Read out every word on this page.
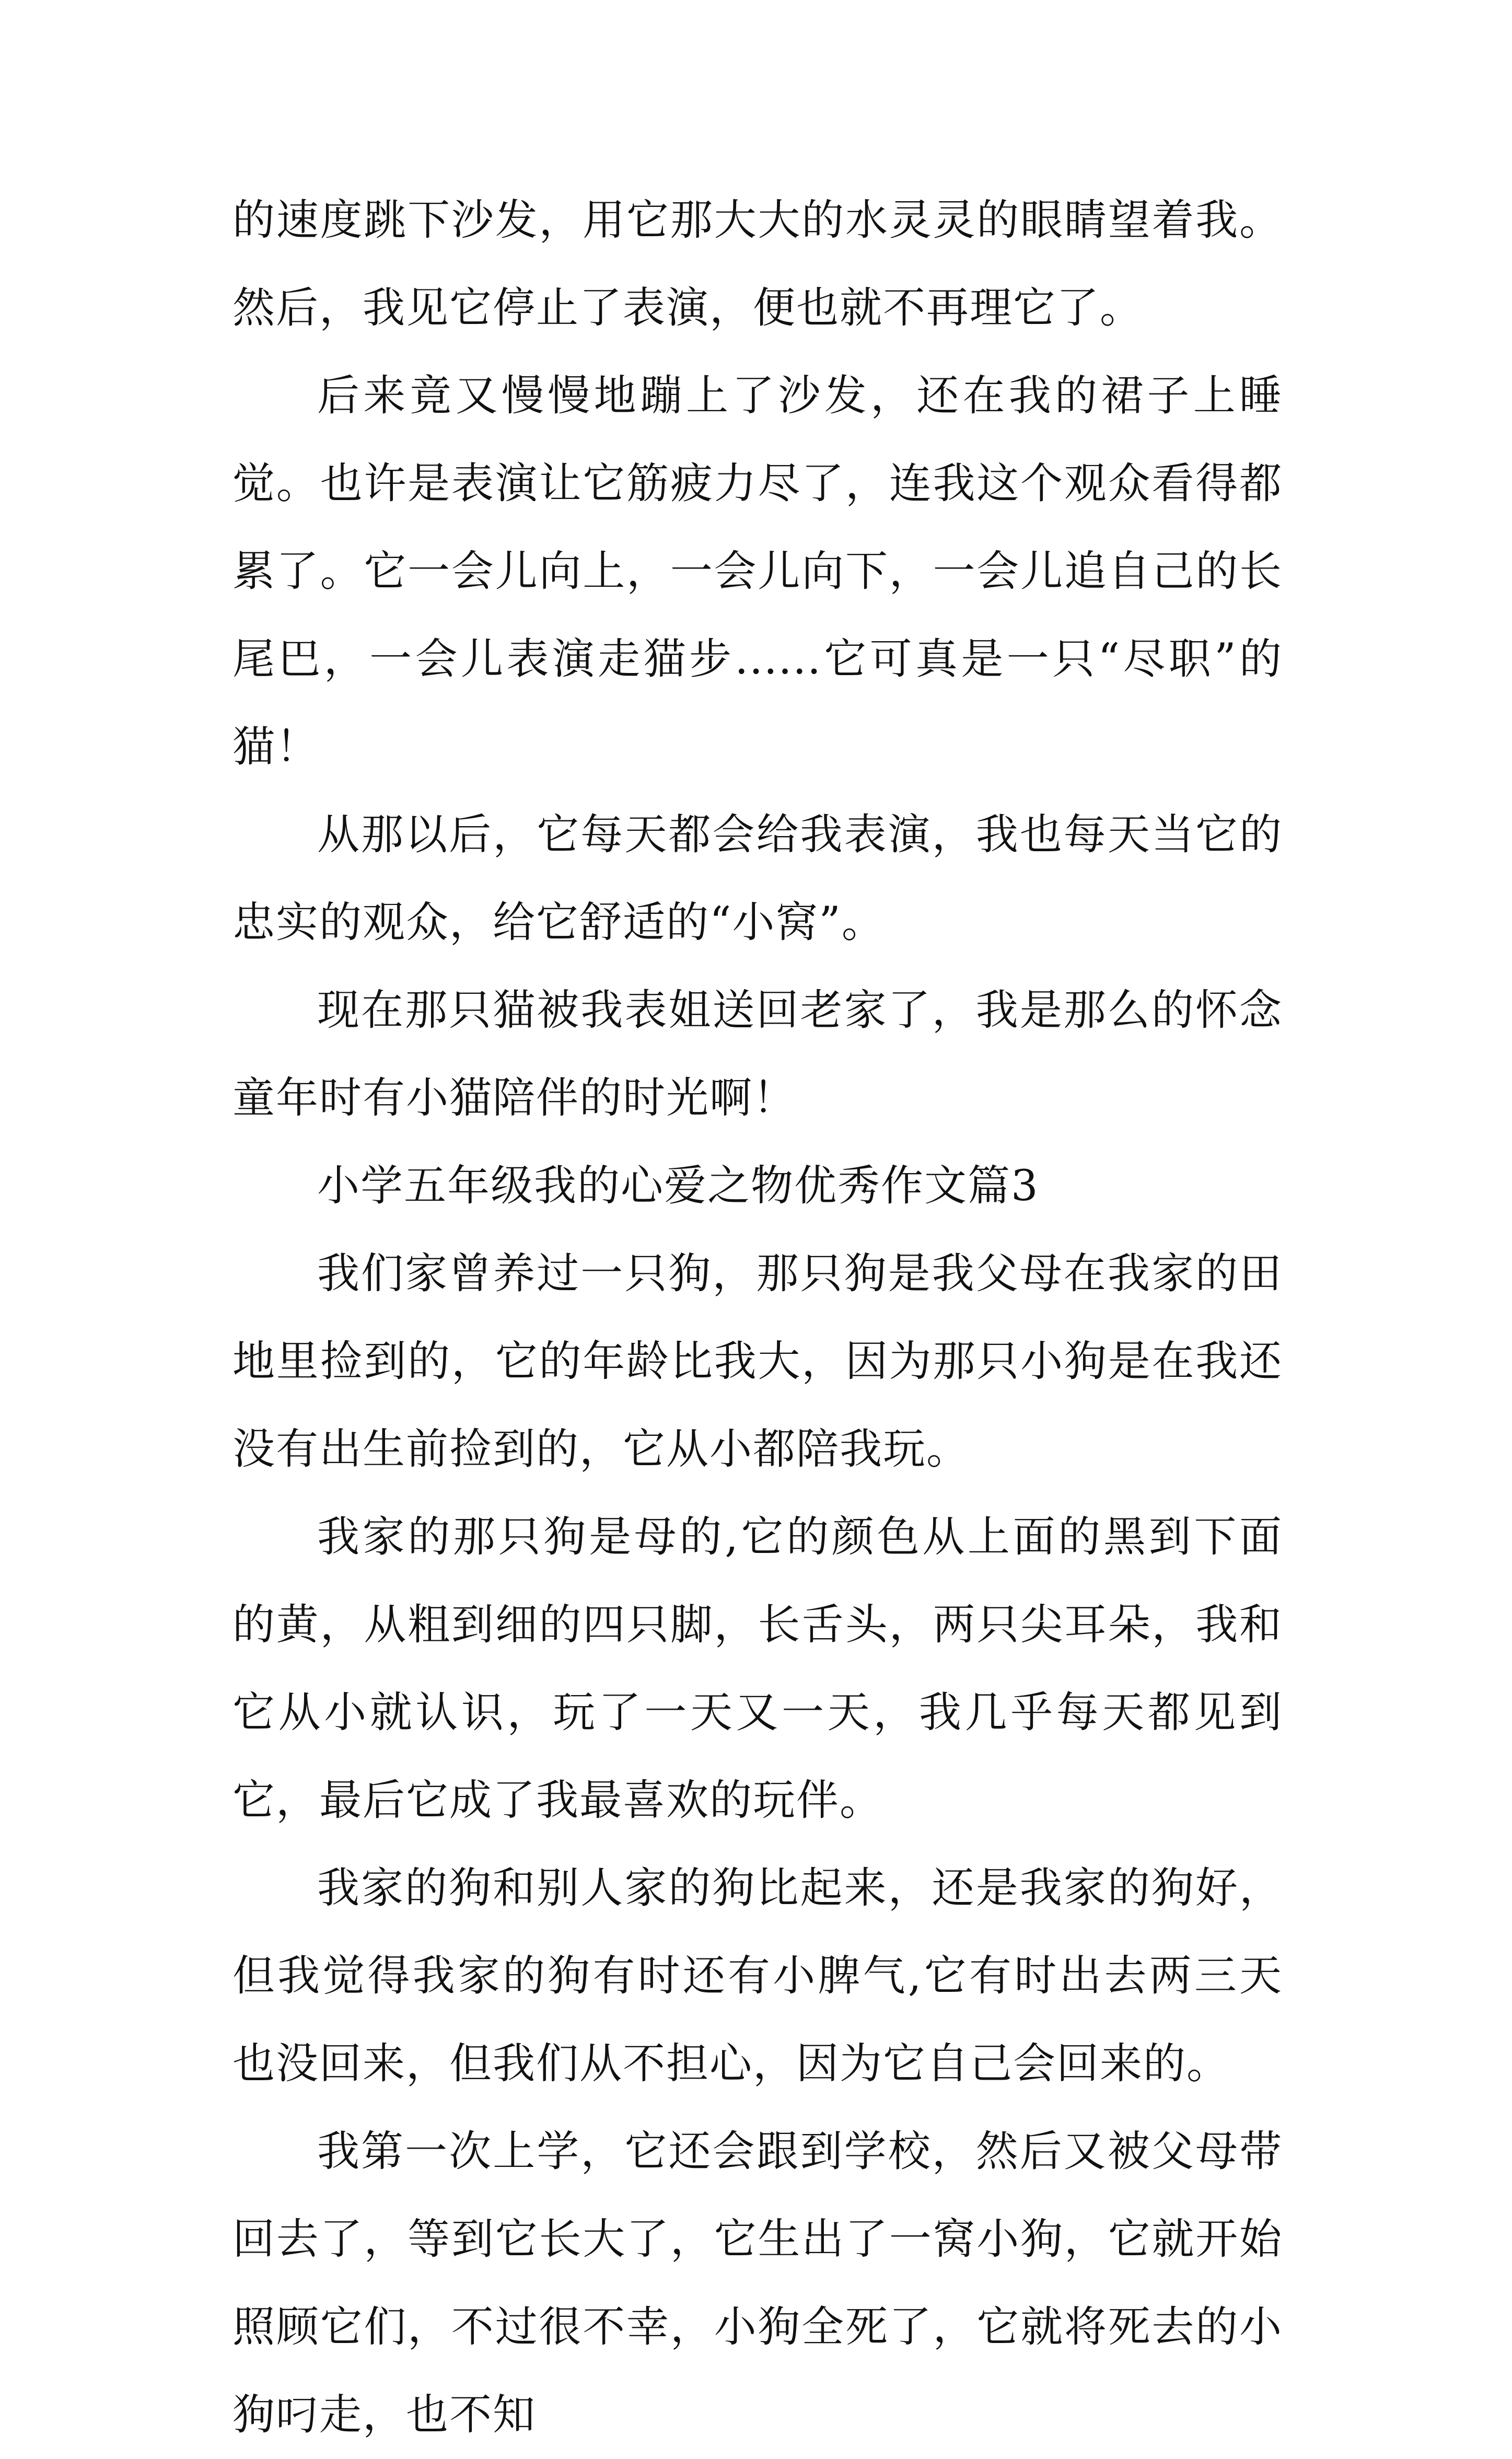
的速度跳下沙发，用它那大大的水灵灵的眼睛望着我。然后，我见它停止了表演，便也就不再理它了。

后来竟又慢慢地蹦上了沙发，还在我的裙子上睡觉。也许是表演让它筋疲力尽了，连我这个观众看得都累了。它一会儿向上，一会儿向下，一会儿追自己的长尾巴，一会儿表演走猫步......它可真是一只“尽职”的猫！

从那以后，它每天都会给我表演，我也每天当它的忠实的观众，给它舒适的“小窝”。

现在那只猫被我表姐送回老家了，我是那么的怀念童年时有小猫陪伴的时光啊！

小学五年级我的心爱之物优秀作文篇3

我们家曾养过一只狗，那只狗是我父母在我家的田地里捡到的，它的年龄比我大，因为那只小狗是在我还没有出生前捡到的，它从小都陪我玩。

我家的那只狗是母的,它的颜色从上面的黑到下面的黄，从粗到细的四只脚，长舌头，两只尖耳朵，我和它从小就认识，玩了一天又一天，我几乎每天都见到它，最后它成了我最喜欢的玩伴。

我家的狗和别人家的狗比起来，还是我家的狗好，但我觉得我家的狗有时还有小脾气,它有时出去两三天也没回来，但我们从不担心，因为它自己会回来的。

我第一次上学，它还会跟到学校，然后又被父母带回去了，等到它长大了，它生出了一窝小狗，它就开始照顾它们，不过很不幸，小狗全死了，它就将死去的小狗叼走，也不知
